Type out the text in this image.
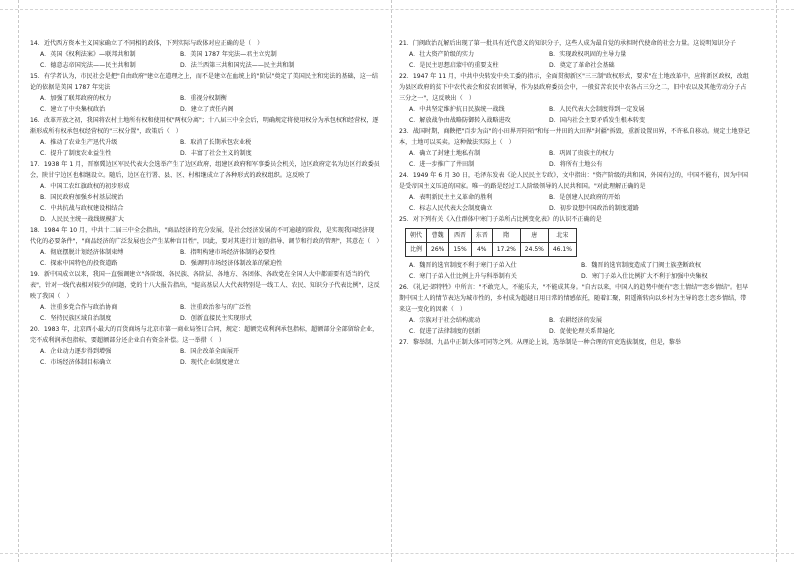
14．近代西方资本主义国家确立了不同相的政体，下列实际与政体对应正确的是（　）

A．英国《权利法案》—联邦共和制	B．美国 1787 年宪法—君主立宪制
C．德意志帝国宪法——民主共和制	D．法兰西第三共和国宪法——民主共和制

15．有学者认为，市民社会是把"自由政府"建立在道理之上，而不是建立在血统上的"阶层"奠定了美国民主和宪法的基础，这一结论的依据是美国 1787 年宪法

A．加强了联邦政府的权力	B．重视分权制衡
C．建立了中央集权政治	D．建立了责任内阁

16．改革开放之初，我国将农村土地所有权和使用权"两权分离"；十八届三中全会后，明确规定将使用权分为承包权和经营权，逐渐形成所有权承包权经营权的"三权分置"，政策后（　）

A．推动了农业生产迅代升级	B．取消了长期承包农业税
C．提升了制度农业益生性	D．丰富了社会主义的制度

17．1938 年 1 月，晋察冀边区军民代表大会选举产生了边区政府，组建区政府和军事委员会机关，边区政府定名为边区行政委员会，陕甘宁边区也相继设立。随后，边区在行署、县、区、村相继成立了各种形式的政权组织。这反映了

A．中国工农红旗政权的初步形成
B．国民政府加强乡村基层统治
C．中共抗战与政权建设相结合
D．人民民主统一战线规模扩大

18．1984 年 10 月，中共十二届三中全会指出，"商品经济的充分发展，是社会经济发展的不可逾越的阶段，是实现我国经济现代化的必要条件"，"商品经济的广泛发展也会产生某种盲目性"，因此，要对其进行计划的指导、调节和行政的管理"，其意在（　）

A．彻底摆脱计划经济体制束缚	B．指明构建市场经济体制的必要性
C．探索中国特色的投资道路	D．强调明市场经济体制改革的紧迫性

19．新中国成立以来，我国一直强调建立"各阶级、各民族、各阶层、各地方、各团体、各政党在全国人大中都需要有适当的代表"，针对一线代表相对较少的问题，党的十八大报告指出，"提高基层人大代表特别是一线工人、农民、知识分子代表比例"，这反映了我国（　）

A．注重多党合作与政治协商	B．注重政治参与的广泛性
C．坚持民族区域自治制度	D．创新直接民主实现形式

20．1983 年，北京西小最大的百货商场与北京市第一商业局签订合同，规定：超额完成利润承包指标，超额部分全部留给企业，完不成利润承包指标，要超额部分还企业自有资金补偿。这一举措（　）

A．企业动力逐步得到增强	B．国企改革全面展开
C．市场经济体制目标确立	D．现代企业制度建立

21．门阀政治瓦解后出现了第一批具有近代意义的知识分子，这些人成为最自觉的承担时代使命的社会力量。这说明知识分子

A．壮大资产阶级的实力	B．实现政权巩固的主导力量
C．是民主思想启蒙中的重要支柱	D．奠定了革命社会基础

22．1947 年 11 月，中共中央转发中央工委的指示，全面贯彻新区"三三制"政权形式，要求"在土地改革中，应将新区政权，改组为县区政府的贫下中农代表会和贫农团领导，作为县政府委员会中，一般贫苦农民中农各占三分之二，旧中农以及其他劳动分子占三分之一"，这反映出（　）

A．中共坚定维护抗日民族统一战线	B．人民代表大会制度得到一定发展
C．解放战争由战略防御转入战略进攻	D．国内社会主要矛盾发生根本转变

23．战国时期，商鞅把"百步为亩"的小田界开阡陌"和每一井田的大田界"封疆"拆毁，重新设置田界，不许私自移动。规定土地登记本，土地可以买卖。这种做法实际上（　）

A．确立了封建土地私有制	B．巩固了贵族主的权力
C．进一步推广了井田制	D．将所有土地公有

24．1949 年 6 月 30 日，毛泽东发表《论人民民主专政》，文中指出："资产阶级的共和国，外国有过的，中国不能有，因为中国是受帝国主义压迫的国家。唯一的路是经过工人阶级领导的人民共和国。"对此理解正确的是

A．表明新民主主义革命的胜利	B．是创建人民政府的开始
C．标志人民代表大会制度确立	D．初步设想中国政治的制度道路

25．对下列有关《入仕群体中寒门子弟所占比例变化表》的认识不正确的是

朝代	曹魏	西晋	东晋	隋	唐	北宋
比例	26%	15%	4%	17.2%	24.5%	46.1%
A．魏晋的选官制度不利于寒门子弟入仕	B．魏晋的选官制度造成了门阀士族垄断政权
C．寒门子弟入仕比例上升与科举制有关	D．寒门子弟入仕比例扩大不利于加强中央集权

26．《礼记·郊特牲》中所言："不敢完人，不能乐夫，"不能成其身。"自古以来，中国人的趋势中便有"恋土情结""恋乡情结"。但早期中国土人的情节表达为城市性的，乡村成为超越日用日常的情感依托，随着汇聚，阴遥渐转向以乡村为主导的恋土恋乡情结，带来这一变化的因素（　）

A．宗族对于社会结构流动	B．农耕经济的发展
C．促进了法律制度的创新	D．促使伦理关系普遍化

27．黎举制、九品中正制大体可同等之列。从理论上说，选举制是一种合理的官吏选拔制度，但是，黎举
